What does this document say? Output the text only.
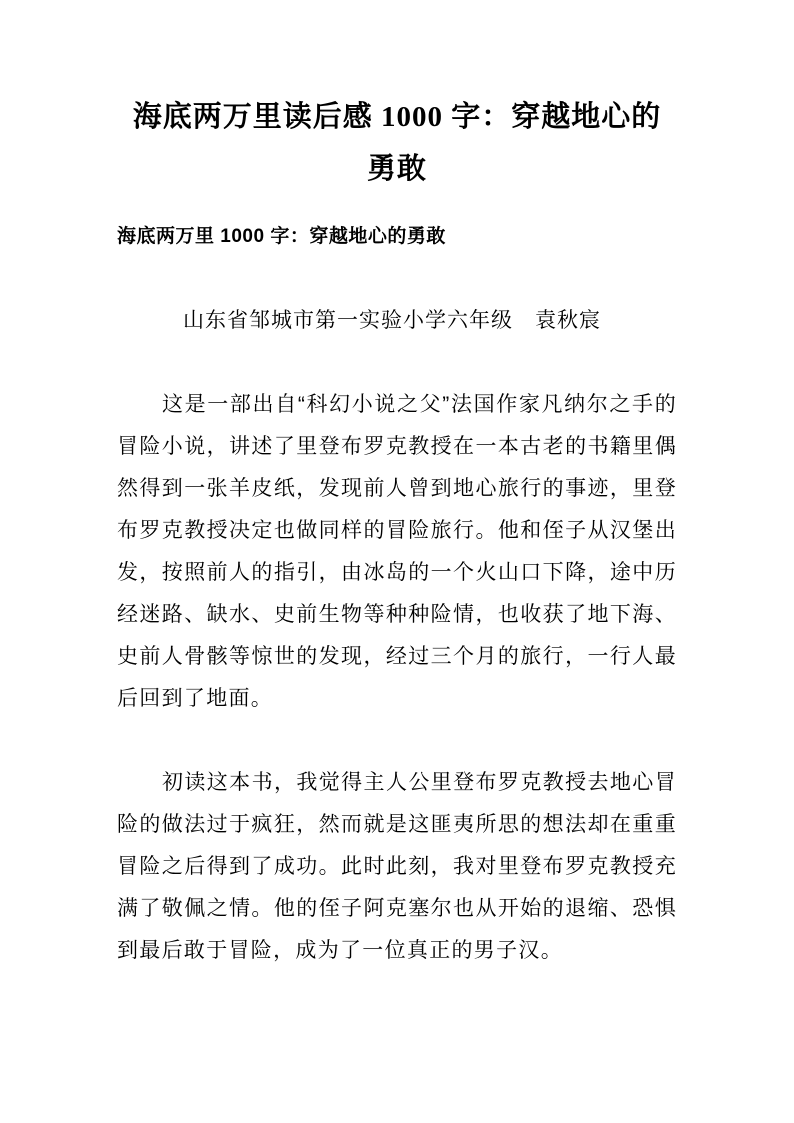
海底两万里读后感 1000 字：穿越地心的
勇敢

海底两万里 1000 字：穿越地心的勇敢

山东省邹城市第一实验小学六年级　袁秋宸

这是一部出自“科幻小说之父”法国作家凡纳尔之手的冒险小说，讲述了里登布罗克教授在一本古老的书籍里偶然得到一张羊皮纸，发现前人曾到地心旅行的事迹，里登布罗克教授决定也做同样的冒险旅行。他和侄子从汉堡出发，按照前人的指引，由冰岛的一个火山口下降，途中历经迷路、缺水、史前生物等种种险情，也收获了地下海、史前人骨骸等惊世的发现，经过三个月的旅行，一行人最后回到了地面。

初读这本书，我觉得主人公里登布罗克教授去地心冒险的做法过于疯狂，然而就是这匪夷所思的想法却在重重冒险之后得到了成功。此时此刻，我对里登布罗克教授充满了敬佩之情。他的侄子阿克塞尔也从开始的退缩、恐惧到最后敢于冒险，成为了一位真正的男子汉。
